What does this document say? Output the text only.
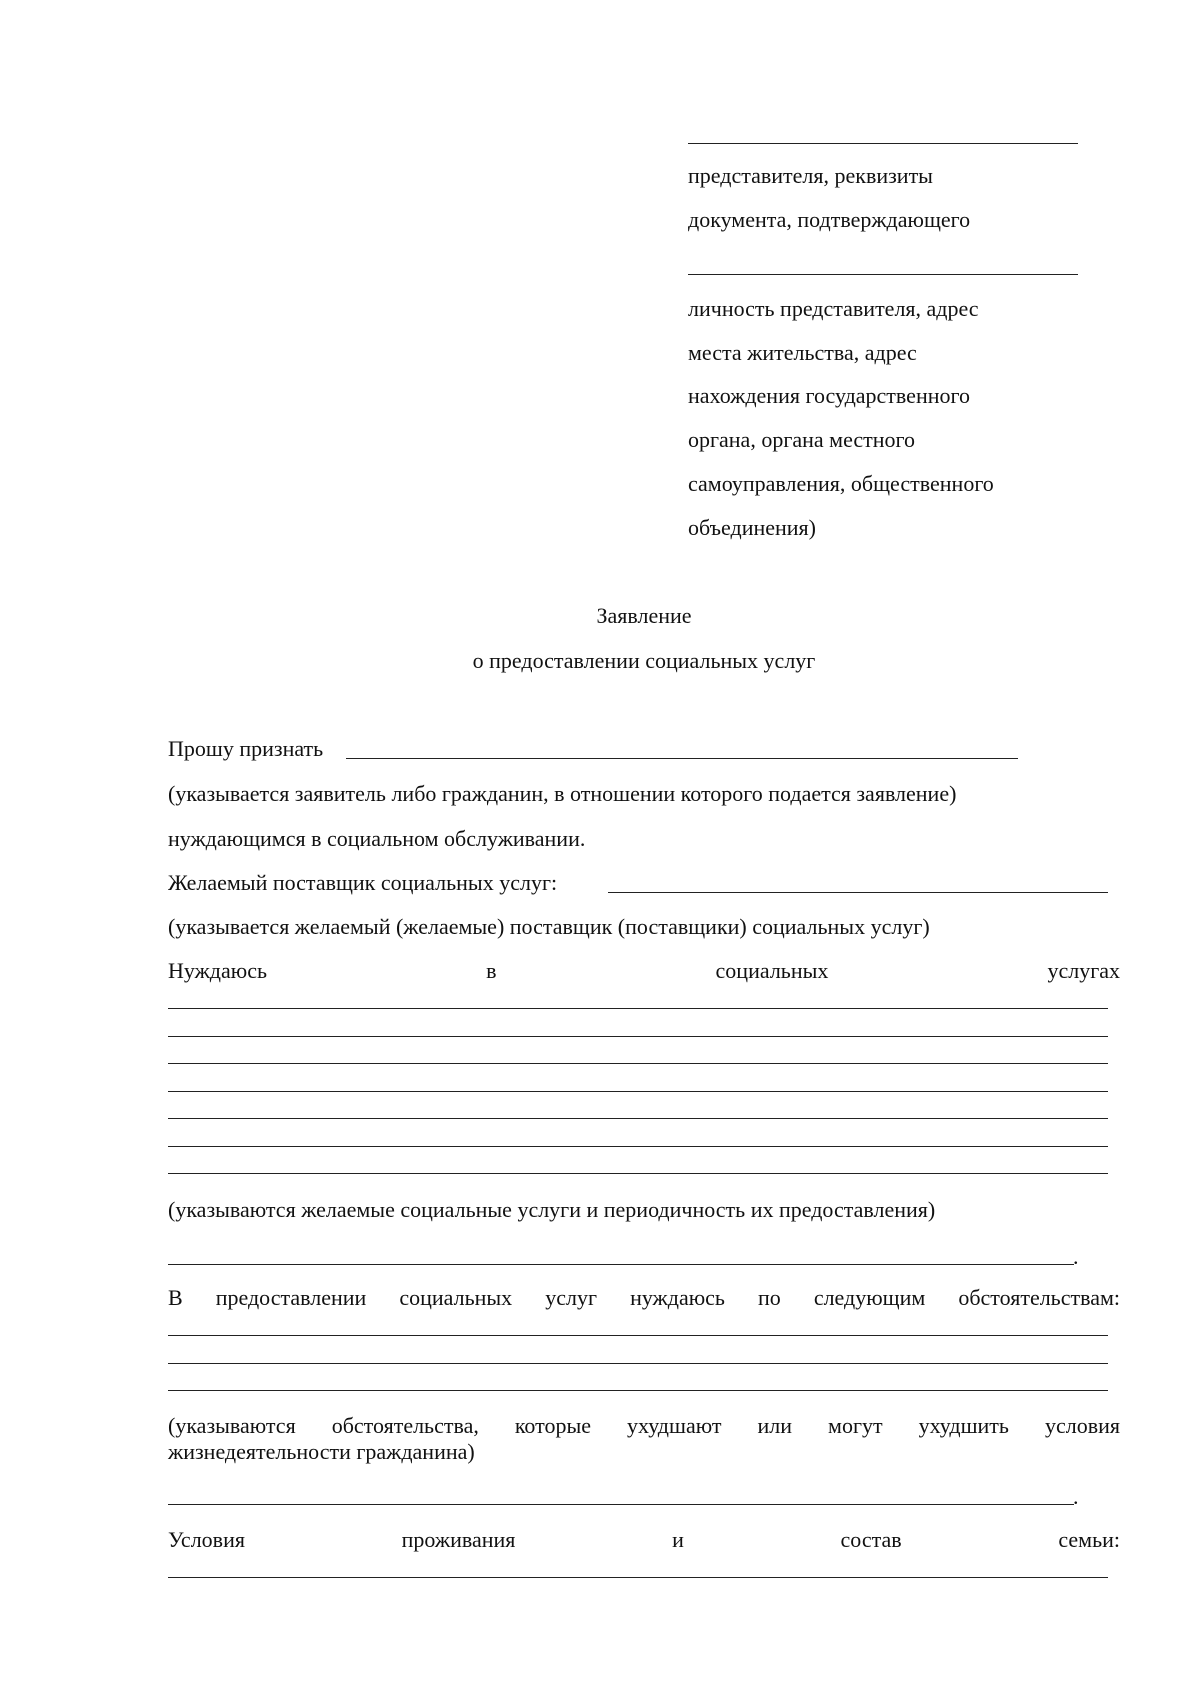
представителя, реквизиты
документа, подтверждающего
личность представителя, адрес
места жительства, адрес
нахождения государственного
органа, органа местного
самоуправления, общественного
объединения)
Заявление
о предоставлении социальных услуг
Прошу признать
(указывается заявитель либо гражданин, в отношении которого подается заявление)
нуждающимся в социальном обслуживании.
Желаемый поставщик социальных услуг:
(указывается желаемый (желаемые) поставщик (поставщики) социальных услуг)
Нуждаюсь	в	социальных	услугах
(указываются желаемые социальные услуги и периодичность их предоставления)
.
В предоставлении социальных услуг нуждаюсь по следующим обстоятельствам:
(указываются обстоятельства, которые ухудшают или могут ухудшить условия
жизнедеятельности гражданина)
.
Условия	проживания	и	состав	семьи:
